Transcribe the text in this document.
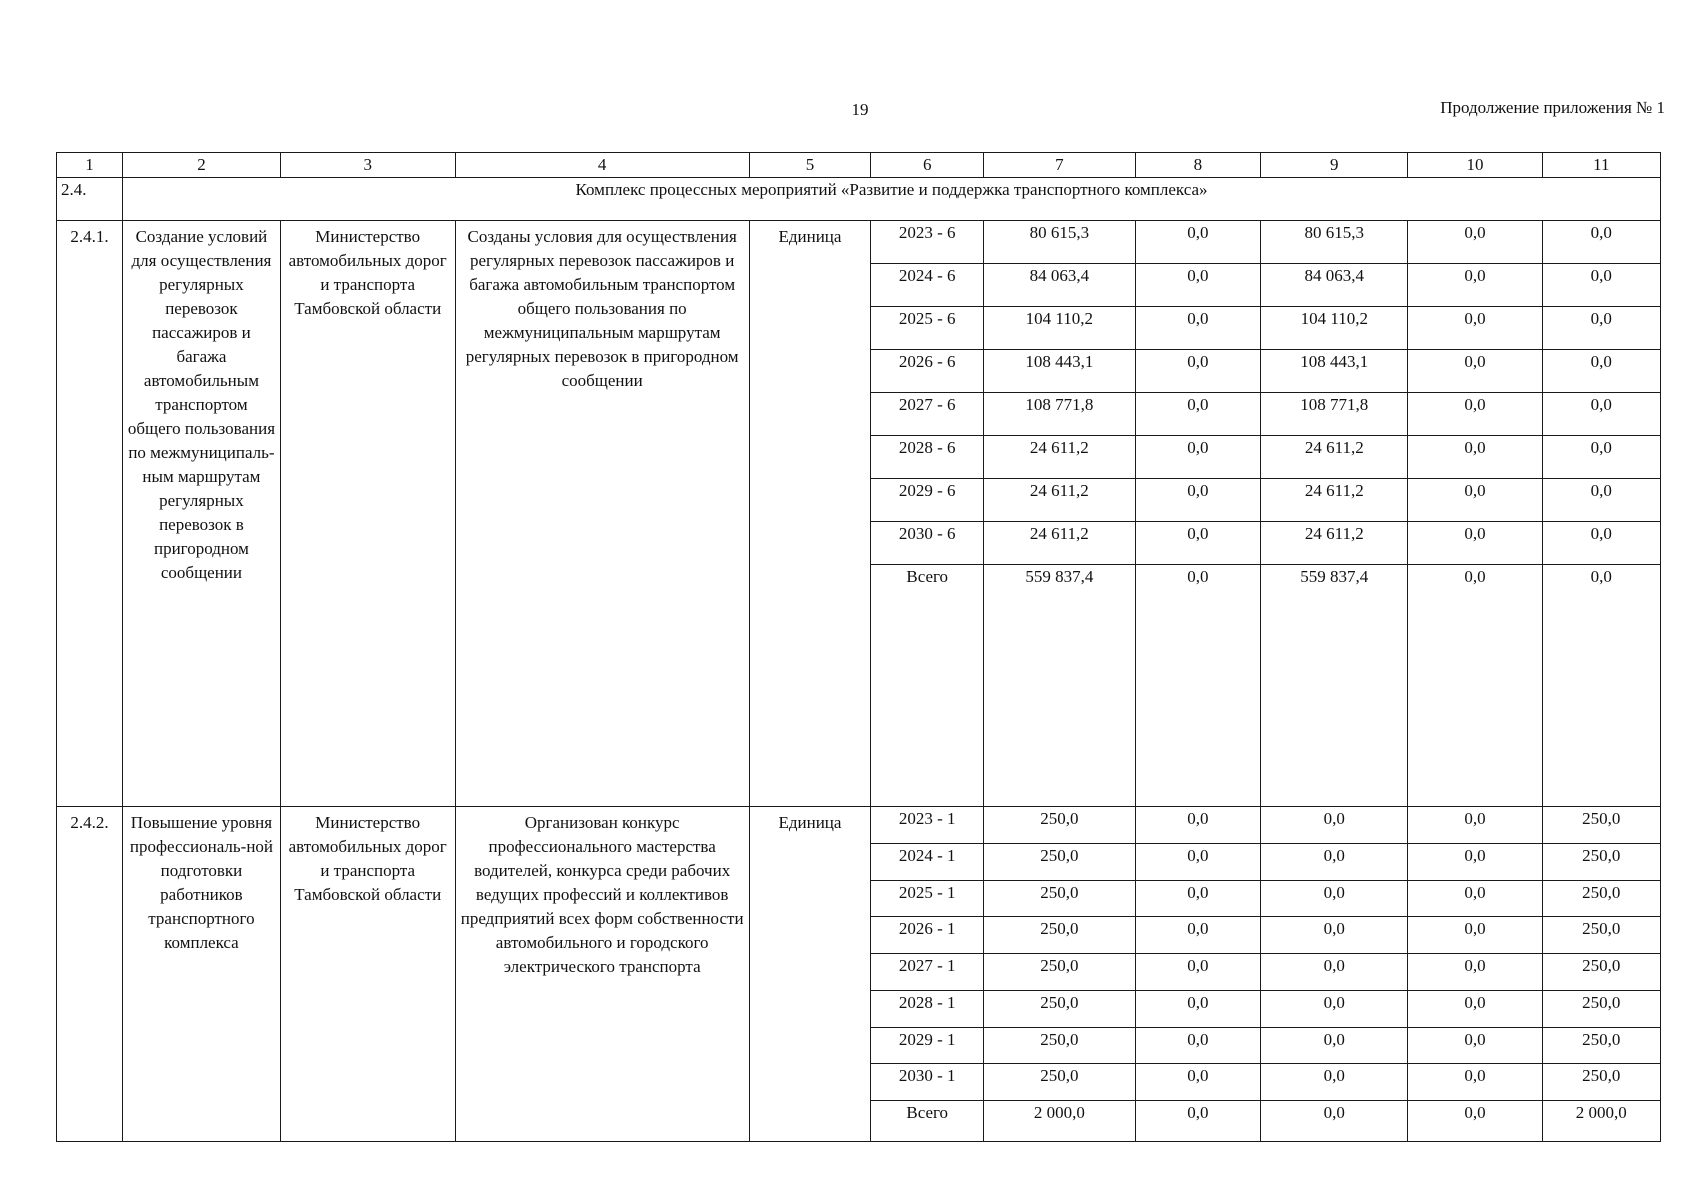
19	Продолжение приложения № 1
1	2	3	4	5	6	7	8	9	10	11
2.4.	Комплекс процессных мероприятий «Развитие и поддержка транспортного комплекса»									
2.4.1.	Создание условий для осуществления регулярных перевозок пассажиров и багажа автомобильным транспортом общего пользования по межмуниципаль-ным маршрутам регулярных перевозок в пригородном сообщении	Министерство автомобильных дорог и транспорта Тамбовской области	Созданы условия для осуществления регулярных перевозок пассажиров и багажа автомобильным транспортом общего пользования по межмуниципальным маршрутам регулярных перевозок в пригородном сообщении	Единица	2023 - 6	80 615,3	0,0	80 615,3	0,0	0,0
					2024 - 6	84 063,4	0,0	84 063,4	0,0	0,0
					2025 - 6	104 110,2	0,0	104 110,2	0,0	0,0
					2026 - 6	108 443,1	0,0	108 443,1	0,0	0,0
					2027 - 6	108 771,8	0,0	108 771,8	0,0	0,0
					2028 - 6	24 611,2	0,0	24 611,2	0,0	0,0
					2029 - 6	24 611,2	0,0	24 611,2	0,0	0,0
					2030 - 6	24 611,2	0,0	24 611,2	0,0	0,0
					Всего	559 837,4	0,0	559 837,4	0,0	0,0
2.4.2.	Повышение уровня профессиональ-ной подготовки работников транспортного комплекса	Министерство автомобильных дорог и транспорта Тамбовской области	Организован конкурс профессионального мастерства водителей, конкурса среди рабочих ведущих профессий и коллективов предприятий всех форм собственности автомобильного и городского электрического транспорта	Единица	2023 - 1	250,0	0,0	0,0	0,0	250,0
					2024 - 1	250,0	0,0	0,0	0,0	250,0
					2025 - 1	250,0	0,0	0,0	0,0	250,0
					2026 - 1	250,0	0,0	0,0	0,0	250,0
					2027 - 1	250,0	0,0	0,0	0,0	250,0
					2028 - 1	250,0	0,0	0,0	0,0	250,0
					2029 - 1	250,0	0,0	0,0	0,0	250,0
					2030 - 1	250,0	0,0	0,0	0,0	250,0
					Всего	2 000,0	0,0	0,0	0,0	2 000,0
